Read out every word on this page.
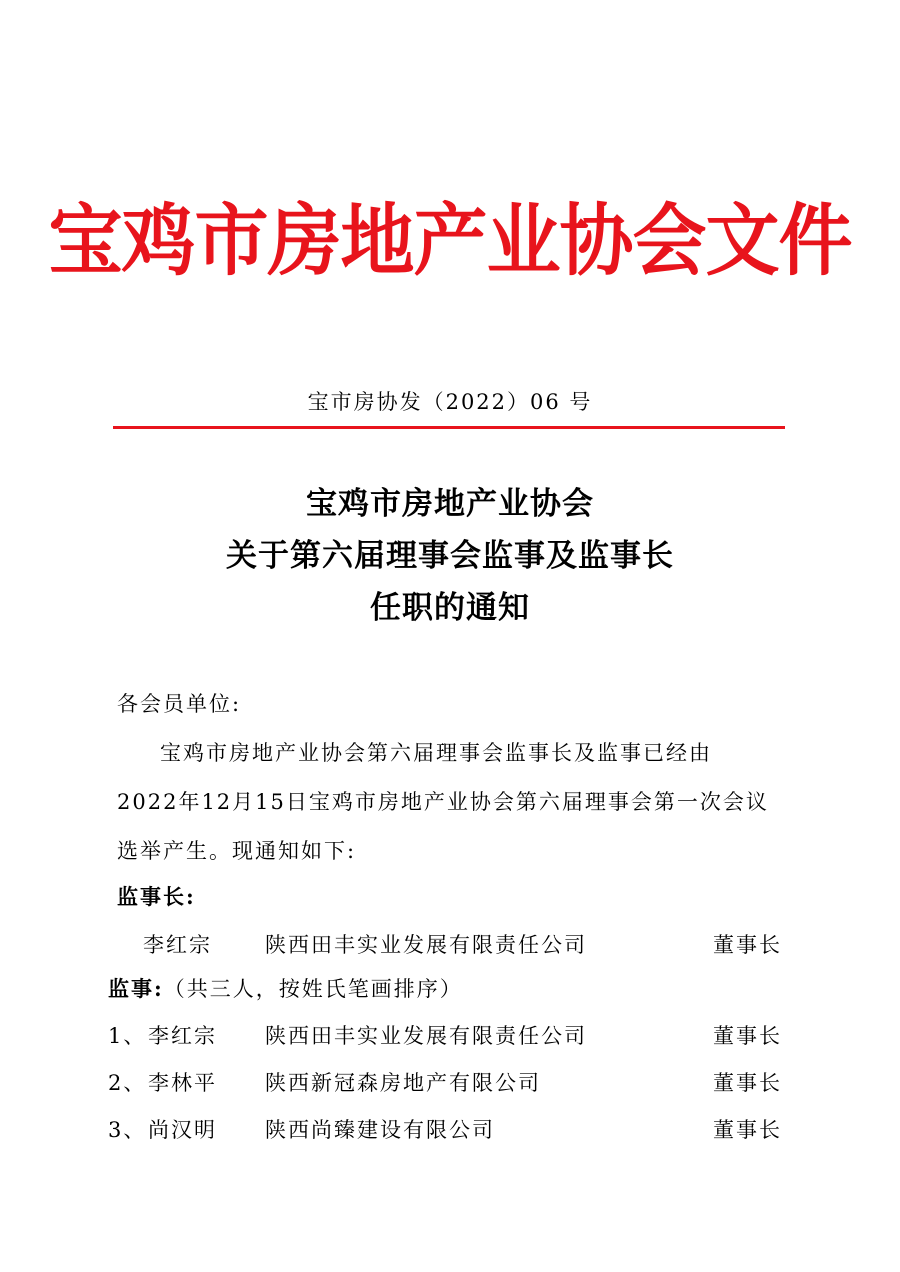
宝鸡市房地产业协会文件
宝市房协发（2022）06 号
宝鸡市房地产业协会
关于第六届理事会监事及监事长
任职的通知
各会员单位:
宝鸡市房地产业协会第六届理事会监事长及监事已经由
2022年12月15日宝鸡市房地产业协会第六届理事会第一次会议
选举产生。现通知如下:
监事长:
李红宗	陕西田丰实业发展有限责任公司	董事长
监事:（共三人，按姓氏笔画排序）
1、 李红宗 陕西田丰实业发展有限责任公司	董事长
2、 李林平 陕西新冠森房地产有限公司	董事长
3、 尚汉明 陕西尚臻建设有限公司	董事长
